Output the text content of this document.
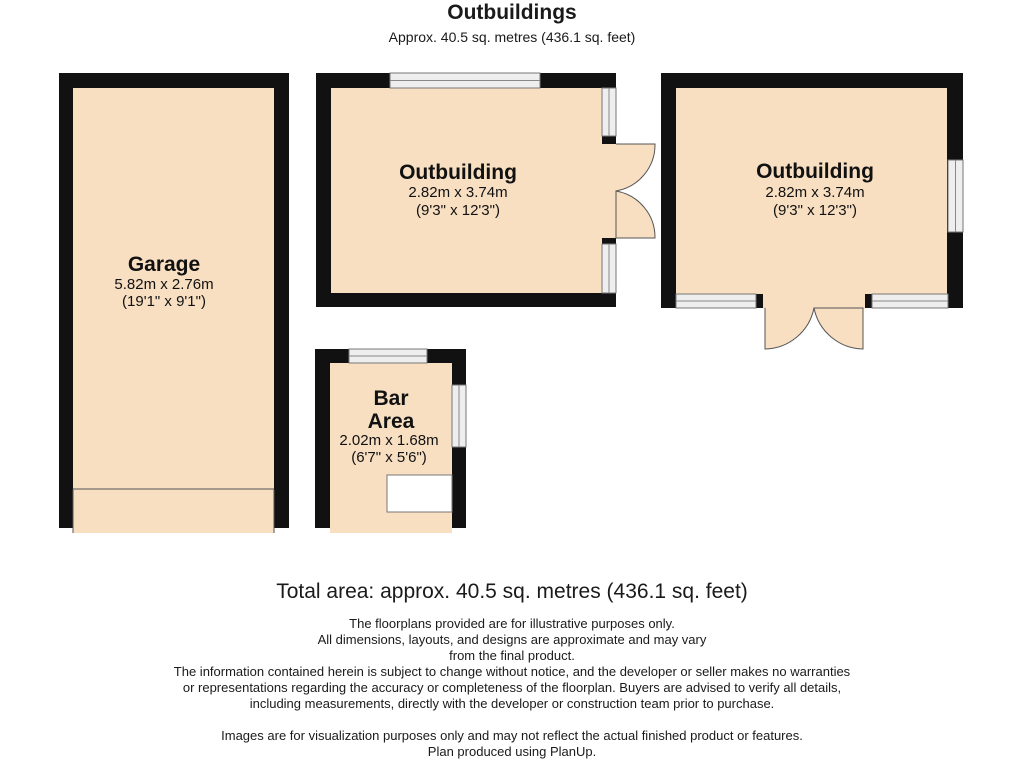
Outbuildings
Approx. 40.5 sq. metres (436.1 sq. feet)
Garage
5.82m x 2.76m
(19'1" x 9'1")
Outbuilding
2.82m x 3.74m
(9'3" x 12'3")
Outbuilding
2.82m x 3.74m
(9'3" x 12'3")
Bar
Area
2.02m x 1.68m
(6'7" x 5'6")
Total area: approx. 40.5 sq. metres (436.1 sq. feet)
The floorplans provided are for illustrative purposes only.
All dimensions, layouts, and designs are approximate and may vary
from the final product.
The information contained herein is subject to change without notice, and the developer or seller makes no warranties
or representations regarding the accuracy or completeness of the floorplan. Buyers are advised to verify all details,
including measurements, directly with the developer or construction team prior to purchase.
Images are for visualization purposes only and may not reflect the actual finished product or features.
Plan produced using PlanUp.
